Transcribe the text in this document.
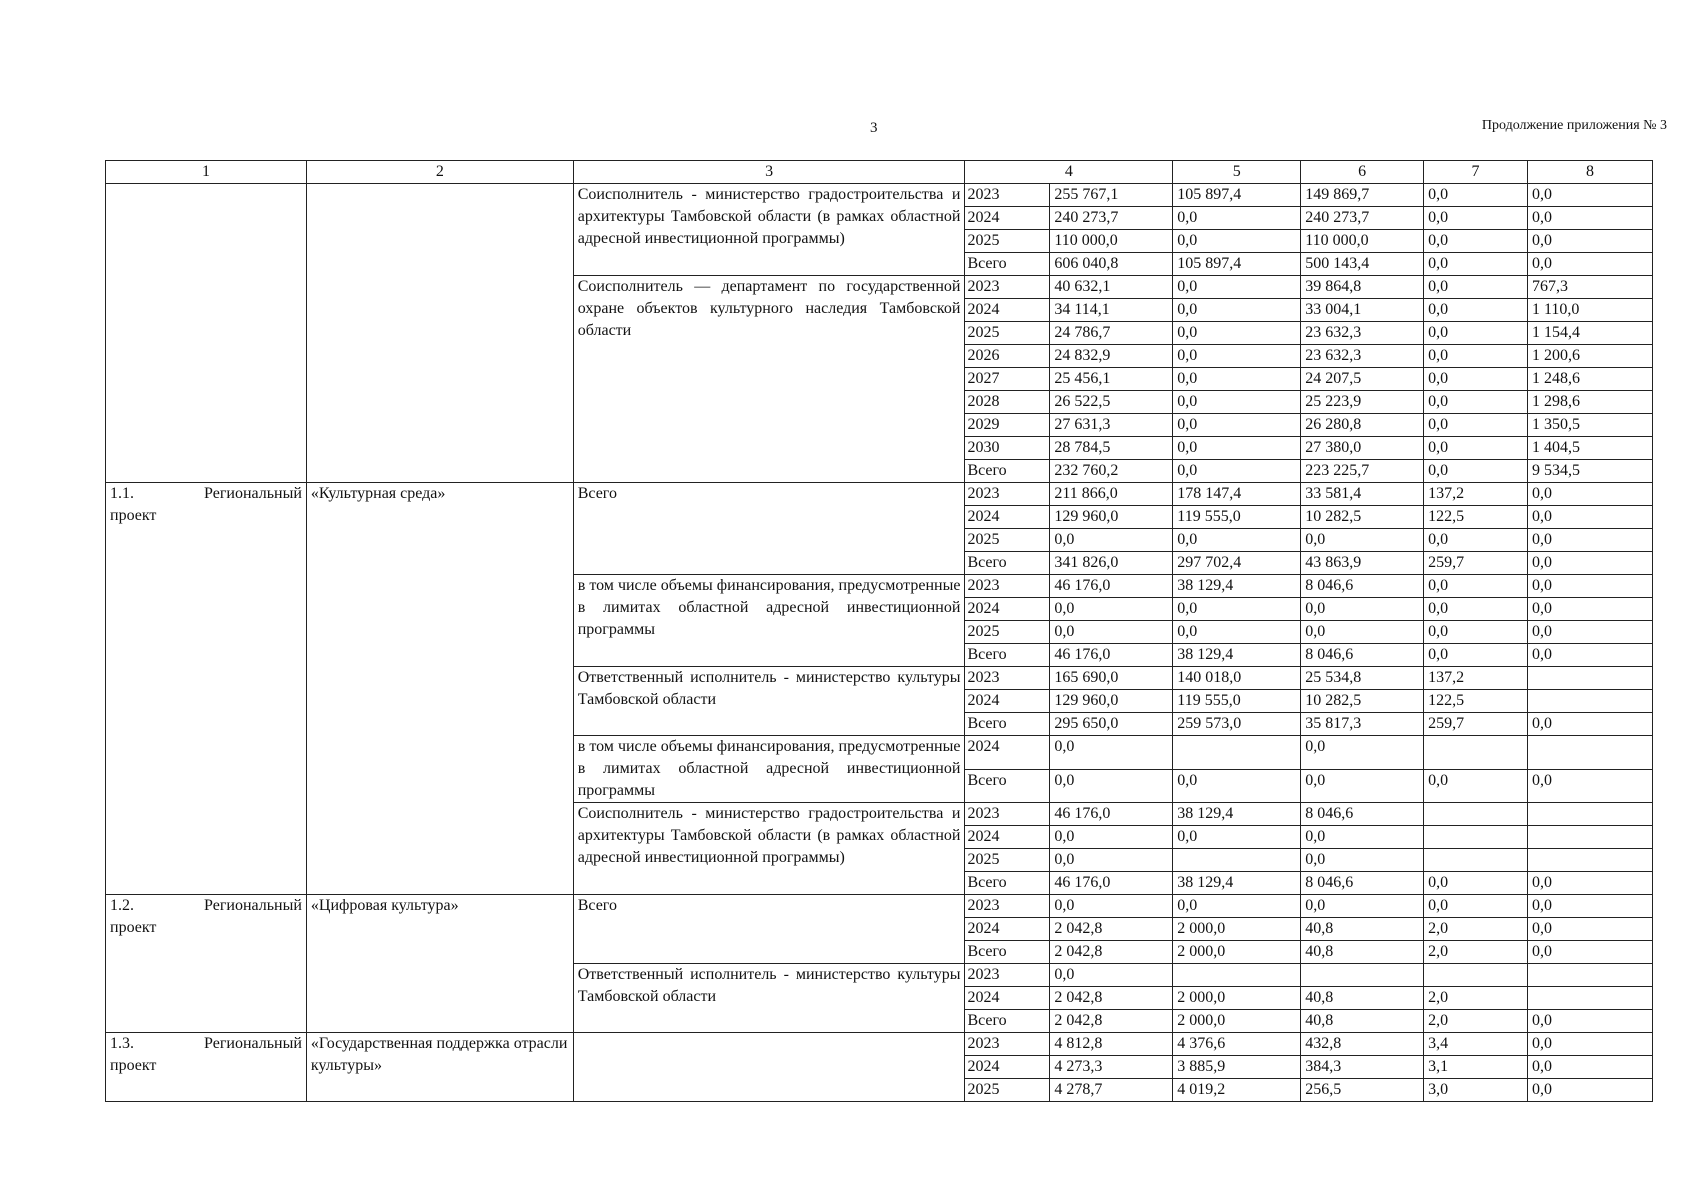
3	Продолжение приложения № 3
1	2	3	4		5	6	7	8
		Соисполнитель - министерство градостроительства и архитектуры Тамбовской области (в рамках областной адресной инвестиционной программы)	2023	255 767,1	105 897,4	149 869,7	0,0	0,0
			2024	240 273,7	0,0	240 273,7	0,0	0,0
			2025	110 000,0	0,0	110 000,0	0,0	0,0
			Всего	606 040,8	105 897,4	500 143,4	0,0	0,0
		Соисполнитель — департамент по государственной охране объектов культурного наследия Тамбовской области	2023	40 632,1	0,0	39 864,8	0,0	767,3
			2024	34 114,1	0,0	33 004,1	0,0	1 110,0
			2025	24 786,7	0,0	23 632,3	0,0	1 154,4
			2026	24 832,9	0,0	23 632,3	0,0	1 200,6
			2027	25 456,1	0,0	24 207,5	0,0	1 248,6
			2028	26 522,5	0,0	25 223,9	0,0	1 298,6
			2029	27 631,3	0,0	26 280,8	0,0	1 350,5
			2030	28 784,5	0,0	27 380,0	0,0	1 404,5
			Всего	232 760,2	0,0	223 225,7	0,0	9 534,5

1.1. Региональный
проект	«Культурная среда»	Всего	2023	211 866,0	178 147,4	33 581,4	137,2	0,0
			2024	129 960,0	119 555,0	10 282,5	122,5	0,0
			2025	0,0	0,0	0,0	0,0	0,0
			Всего	341 826,0	297 702,4	43 863,9	259,7	0,0
		в том числе объемы финансирования, предусмотренные в лимитах областной адресной инвестиционной программы	2023	46 176,0	38 129,4	8 046,6	0,0	0,0
			2024	0,0	0,0	0,0	0,0	0,0
			2025	0,0	0,0	0,0	0,0	0,0
			Всего	46 176,0	38 129,4	8 046,6	0,0	0,0
		Ответственный исполнитель - министерство культуры Тамбовской области	2023	165 690,0	140 018,0	25 534,8	137,2	
			2024	129 960,0	119 555,0	10 282,5	122,5	
			Всего	295 650,0	259 573,0	35 817,3	259,7	0,0
		в том числе объемы финансирования, предусмотренные в лимитах областной адресной инвестиционной программы	2024	0,0		0,0		
			Всего	0,0	0,0	0,0	0,0	0,0
		Соисполнитель - министерство градостроительства и архитектуры Тамбовской области (в рамках областной адресной инвестиционной программы)	2023	46 176,0	38 129,4	8 046,6		
			2024	0,0	0,0	0,0		
			2025	0,0		0,0		
			Всего	46 176,0	38 129,4	8 046,6	0,0	0,0

1.2. Региональный
проект	«Цифровая культура»	Всего	2023	0,0	0,0	0,0	0,0	0,0
			2024	2 042,8	2 000,0	40,8	2,0	0,0
			Всего	2 042,8	2 000,0	40,8	2,0	0,0
		Ответственный исполнитель - министерство культуры Тамбовской области	2023	0,0				
			2024	2 042,8	2 000,0	40,8	2,0	
			Всего	2 042,8	2 000,0	40,8	2,0	0,0

1.3. Региональный
проект	«Государственная поддержка отрасли культуры»		2023	4 812,8	4 376,6	432,8	3,4	0,0
			2024	4 273,3	3 885,9	384,3	3,1	0,0
			2025	4 278,7	4 019,2	256,5	3,0	0,0
